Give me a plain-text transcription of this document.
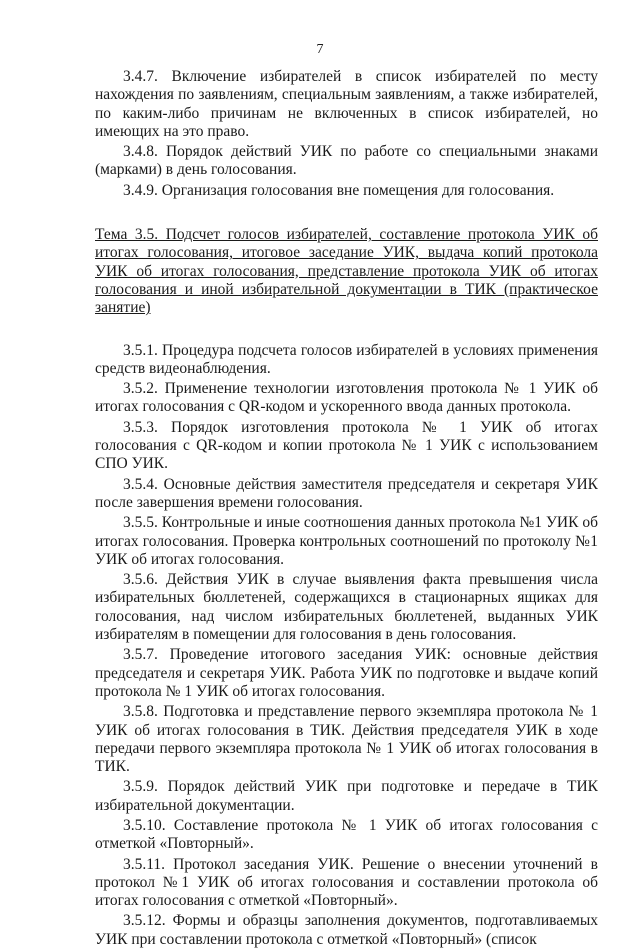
7

3.4.7. Включение избирателей в список избирателей по месту нахождения по заявлениям, специальным заявлениям, а также избирателей, по каким-либо причинам не включенных в список избирателей, но имеющих на это право.

3.4.8. Порядок действий УИК по работе со специальными знаками (марками) в день голосования.

3.4.9. Организация голосования вне помещения для голосования.

Тема 3.5. Подсчет голосов избирателей, составление протокола УИК об итогах голосования, итоговое заседание УИК, выдача копий протокола УИК об итогах голосования, представление протокола УИК об итогах голосования и иной избирательной документации в ТИК (практическое занятие)

3.5.1. Процедура подсчета голосов избирателей в условиях применения средств видеонаблюдения.

3.5.2. Применение технологии изготовления протокола № 1 УИК об итогах голосования с QR-кодом и ускоренного ввода данных протокола.

3.5.3. Порядок изготовления протокола № 1 УИК об итогах голосования с QR-кодом и копии протокола № 1 УИК с использованием СПО УИК.

3.5.4. Основные действия заместителя председателя и секретаря УИК после завершения времени голосования.

3.5.5. Контрольные и иные соотношения данных протокола №1 УИК об итогах голосования. Проверка контрольных соотношений по протоколу №1 УИК об итогах голосования.

3.5.6. Действия УИК в случае выявления факта превышения числа избирательных бюллетеней, содержащихся в стационарных ящиках для голосования, над числом избирательных бюллетеней, выданных УИК избирателям в помещении для голосования в день голосования.

3.5.7. Проведение итогового заседания УИК: основные действия председателя и секретаря УИК. Работа УИК по подготовке и выдаче копий протокола № 1 УИК об итогах голосования.

3.5.8. Подготовка и представление первого экземпляра протокола № 1 УИК об итогах голосования в ТИК. Действия председателя УИК в ходе передачи первого экземпляра протокола № 1 УИК об итогах голосования в ТИК.

3.5.9. Порядок действий УИК при подготовке и передаче в ТИК избирательной документации.

3.5.10. Составление протокола № 1 УИК об итогах голосования с отметкой «Повторный».

3.5.11. Протокол заседания УИК. Решение о внесении уточнений в протокол №1 УИК об итогах голосования и составлении протокола об итогах голосования с отметкой «Повторный».

3.5.12. Формы и образцы заполнения документов, подготавливаемых УИК при составлении протокола с отметкой «Повторный» (список
